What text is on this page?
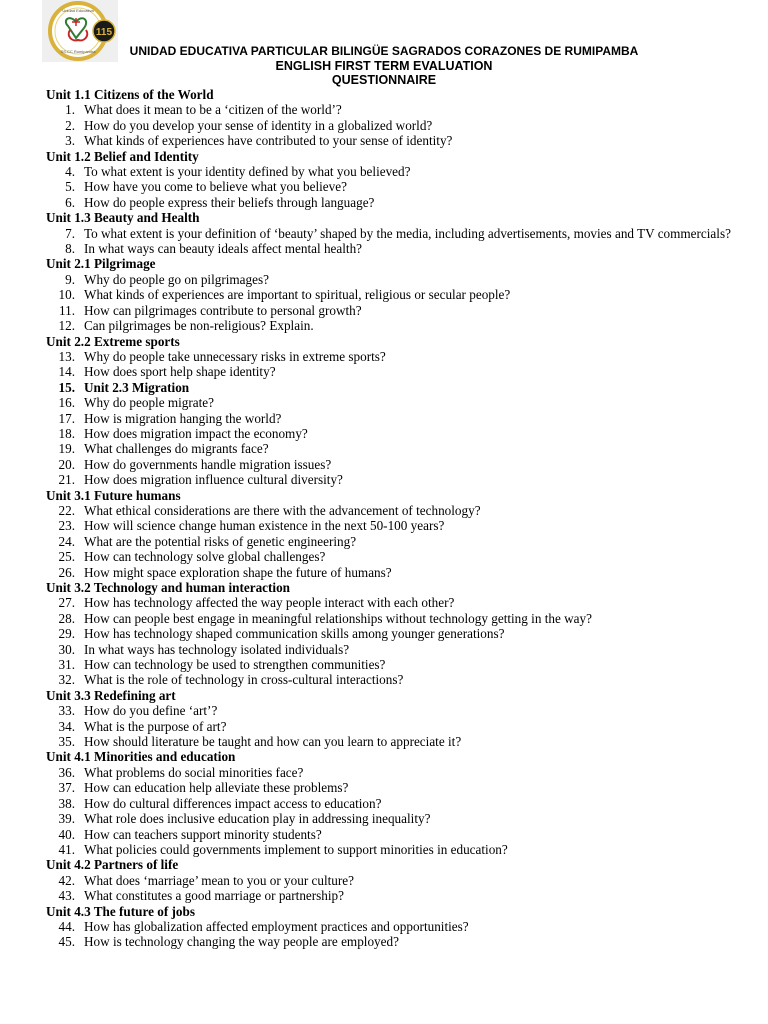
115
Unidad Educativa
SS.CC Rumipamba	UNIDAD EDUCATIVA PARTICULAR BILINGÜE SAGRADOS CORAZONES DE RUMIPAMBA
ENGLISH FIRST TERM EVALUATION
QUESTIONNAIRE
Unit 1.1 Citizens of the World
1. What does it mean to be a ‘citizen of the world’?
2. How do you develop your sense of identity in a globalized world?
3. What kinds of experiences have contributed to your sense of identity?
Unit 1.2 Belief and Identity
4. To what extent is your identity defined by what you believed?
5. How have you come to believe what you believe?
6. How do people express their beliefs through language?
Unit 1.3 Beauty and Health
7. To what extent is your definition of ‘beauty’ shaped by the media, including advertisements, movies and TV commercials?
8. In what ways can beauty ideals affect mental health?
Unit 2.1 Pilgrimage
9. Why do people go on pilgrimages?
10. What kinds of experiences are important to spiritual, religious or secular people?
11. How can pilgrimages contribute to personal growth?
12. Can pilgrimages be non-religious? Explain.
Unit 2.2 Extreme sports
13. Why do people take unnecessary risks in extreme sports?
14. How does sport help shape identity?
15. Unit 2.3 Migration
16. Why do people migrate?
17. How is migration hanging the world?
18. How does migration impact the economy?
19. What challenges do migrants face?
20. How do governments handle migration issues?
21. How does migration influence cultural diversity?
Unit 3.1 Future humans
22. What ethical considerations are there with the advancement of technology?
23. How will science change human existence in the next 50-100 years?
24. What are the potential risks of genetic engineering?
25. How can technology solve global challenges?
26. How might space exploration shape the future of humans?
Unit 3.2 Technology and human interaction
27. How has technology affected the way people interact with each other?
28. How can people best engage in meaningful relationships without technology getting in the way?
29. How has technology shaped communication skills among younger generations?
30. In what ways has technology isolated individuals?
31. How can technology be used to strengthen communities?
32. What is the role of technology in cross-cultural interactions?
Unit 3.3 Redefining art
33. How do you define ‘art’?
34. What is the purpose of art?
35. How should literature be taught and how can you learn to appreciate it?
Unit 4.1 Minorities and education
36. What problems do social minorities face?
37. How can education help alleviate these problems?
38. How do cultural differences impact access to education?
39. What role does inclusive education play in addressing inequality?
40. How can teachers support minority students?
41. What policies could governments implement to support minorities in education?
Unit 4.2 Partners of life
42. What does ‘marriage’ mean to you or your culture?
43. What constitutes a good marriage or partnership?
Unit 4.3 The future of jobs
44. How has globalization affected employment practices and opportunities?
45. How is technology changing the way people are employed?
